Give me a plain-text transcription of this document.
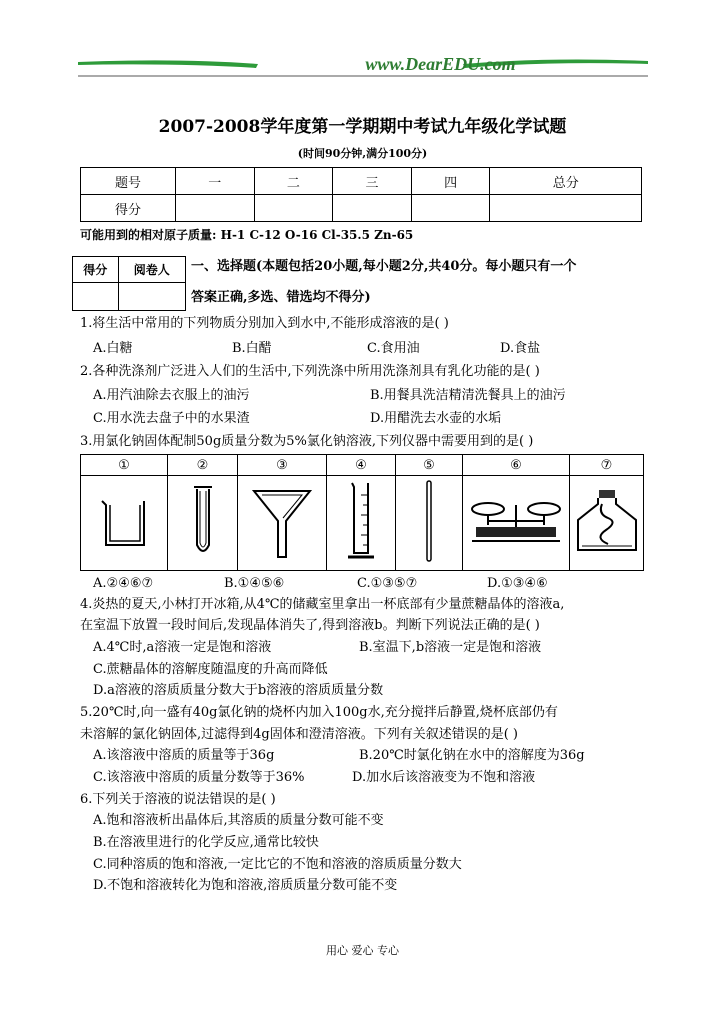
www.DearEDU.com
2007-2008学年度第一学期期中考试九年级化学试题
(时间90分钟,满分100分)
题号	一	二	三	四	总分
得分					
可能用到的相对原子质量: H-1 C-12 O-16 Cl-35.5 Zn-65
得分	阅卷人
	一、选择题(本题包括20小题,每小题2分,共40分。每小题只有一个
答案正确,多选、错选均不得分)
1.将生活中常用的下列物质分别加入到水中,不能形成溶液的是( )
A.白糖	B.白醋	C.食用油	D.食盐
2.各种洗涤剂广泛进入人们的生活中,下列洗涤中所用洗涤剂具有乳化功能的是( )
A.用汽油除去衣服上的油污	B.用餐具洗洁精清洗餐具上的油污
C.用水洗去盘子中的水果渣	D.用醋洗去水壶的水垢
3.用氯化钠固体配制50g质量分数为5%氯化钠溶液,下列仪器中需要用到的是( )
①	②	③	④	⑤	⑥	⑦

A.②④⑥⑦	B.①④⑤⑥	C.①③⑤⑦	D.①③④⑥
4.炎热的夏天,小林打开冰箱,从4℃的储藏室里拿出一杯底部有少量蔗糖晶体的溶液a,
在室温下放置一段时间后,发现晶体消失了,得到溶液b。判断下列说法正确的是( )
A.4℃时,a溶液一定是饱和溶液	B.室温下,b溶液一定是饱和溶液
C.蔗糖晶体的溶解度随温度的升高而降低
D.a溶液的溶质质量分数大于b溶液的溶质质量分数
5.20℃时,向一盛有40g氯化钠的烧杯内加入100g水,充分搅拌后静置,烧杯底部仍有
未溶解的氯化钠固体,过滤得到4g固体和澄清溶液。下列有关叙述错误的是( )
A.该溶液中溶质的质量等于36g	B.20℃时氯化钠在水中的溶解度为36g
C.该溶液中溶质的质量分数等于36%	D.加水后该溶液变为不饱和溶液
6.下列关于溶液的说法错误的是( )
A.饱和溶液析出晶体后,其溶质的质量分数可能不变
B.在溶液里进行的化学反应,通常比较快
C.同种溶质的饱和溶液,一定比它的不饱和溶液的溶质质量分数大
D.不饱和溶液转化为饱和溶液,溶质质量分数可能不变
用心 爱心 专心
